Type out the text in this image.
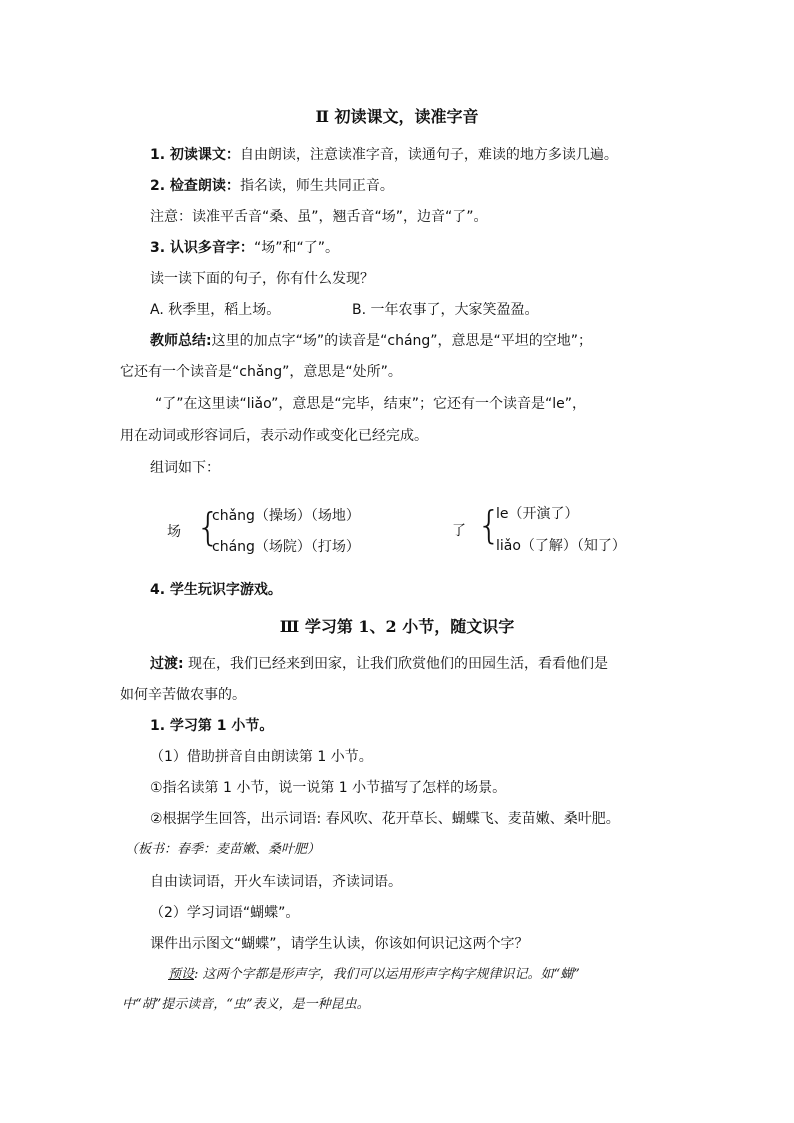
Ⅱ 初读课文，读准字音
1. 初读课文：自由朗读，注意读准字音，读通句子，难读的地方多读几遍。
2. 检查朗读：指名读，师生共同正音。
注意：读准平舌音“桑、虽”，翘舌音“场”，边音“了”。
3. 认识多音字：“场”和“了”。
读一读下面的句子，你有什么发现？
A. 秋季里，稻上场。	B. 一年农事了，大家笑盈盈。
教师总结:这里的加点字“场”的读音是“cháng”，意思是“平坦的空地”；
它还有一个读音是“chǎng”，意思是“处所”。
“了”在这里读“liǎo”，意思是“完毕，结束”；它还有一个读音是“le”，
用在动词或形容词后，表示动作或变化已经完成。
组词如下：
场 {
chǎng（操场）（场地）
cháng（场院）（打场）
了 {
le（开演了）
liǎo（了解）（知了）
4. 学生玩识字游戏。
Ⅲ 学习第 1、2 小节，随文识字
过渡: 现在，我们已经来到田家，让我们欣赏他们的田园生活，看看他们是
如何辛苦做农事的。
1. 学习第 1 小节。
（1）借助拼音自由朗读第 1 小节。
①指名读第 1 小节，说一说第 1 小节描写了怎样的场景。
②根据学生回答，出示词语: 春风吹、花开草长、蝴蝶飞、麦苗嫩、桑叶肥。
（板书：春季：麦苗嫩、桑叶肥）
自由读词语，开火车读词语，齐读词语。
（2）学习词语“蝴蝶”。
课件出示图文“蝴蝶”，请学生认读，你该如何识记这两个字？
预设: 这两个字都是形声字，我们可以运用形声字构字规律识记。如“蝴”
中“胡”提示读音，“虫”表义，是一种昆虫。
